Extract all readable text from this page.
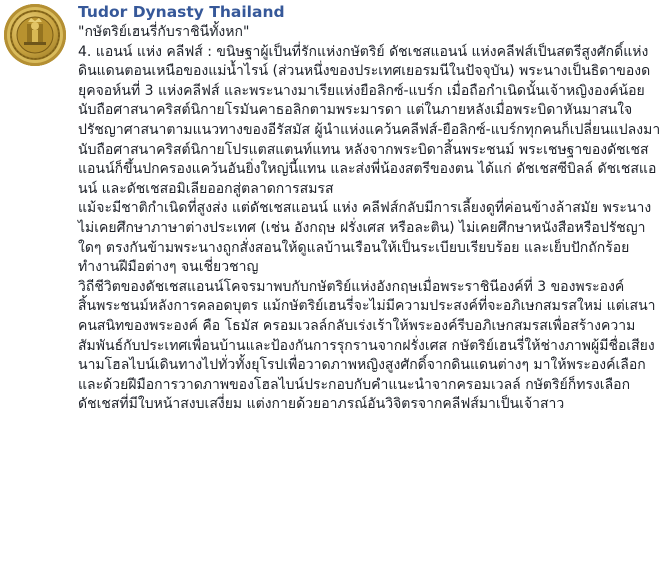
Tudor Dynasty Thailand

"กษัตริย์เฮนรี่กับราชินีทั้งหก"

4. แอนน์ แห่ง คลีฟส์ : ขนิษฐาผู้เป็นที่รักแห่งกษัตริย์ ดัชเชสแอนน์ แห่งคลีฟส์เป็นสตรีสูงศักดิ์แห่งดินแดนตอนเหนือของแม่น้ำไรน์ (ส่วนหนึ่งของประเทศเยอรมนีในปัจจุบัน) พระนางเป็นธิดาของดยุคจอห์นที่ 3 แห่งคลีฟส์ และพระนางมาเรียแห่งยือลิกซ์-แบร์ก เมื่อถือกำเนิดนั้นเจ้าหญิงองค์น้อยนับถือศาสนาคริสต์นิกายโรมันคาธอลิกตามพระมารดา แต่ในภายหลังเมื่อพระบิดาหันมาสนใจปรัชญาศาสนาตามแนวทางของอีรัสมัส ผู้นำแห่งแคว้นคลีฟส์-ยือลิกซ์-แบร์กทุกคนก็เปลี่ยนแปลงมานับถือศาสนาคริสต์นิกายโปรแตสแตนท์แทน หลังจากพระบิดาสิ้นพระชนม์ พระเชษฐาของดัชเชสแอนน์ก็ขึ้นปกครองแคว้นอันยิ่งใหญ่นี้แทน และส่งพี่น้องสตรีของตน ได้แก่ ดัชเชสซีบิลล์ ดัชเชสแอนน์ และดัชเชสอมิเลียออกสู่ตลาดการสมรส

แม้จะมีชาติกำเนิดที่สูงส่ง แต่ดัชเชสแอนน์ แห่ง คลีฟส์กลับมีการเลี้ยงดูที่ค่อนข้างล้าสมัย พระนางไม่เคยศึกษาภาษาต่างประเทศ (เช่น อังกฤษ ฝรั่งเศส หรือละติน) ไม่เคยศึกษาหนังสือหรือปรัชญาใดๆ ตรงกันข้ามพระนางถูกสั่งสอนให้ดูแลบ้านเรือนให้เป็นระเบียบเรียบร้อย และเย็บปักถักร้อย ทำงานฝีมือต่างๆ จนเชี่ยวชาญ

วิถีชีวิตของดัชเชสแอนน์โคจรมาพบกับกษัตริย์แห่งอังกฤษเมื่อพระราชินีองค์ที่ 3 ของพระองค์สิ้นพระชนม์หลังการคลอดบุตร แม้กษัตริย์เฮนรี่จะไม่มีความประสงค์ที่จะอภิเษกสมรสใหม่ แต่เสนาคนสนิทของพระองค์ คือ โธมัส ครอมเวลล์กลับเร่งเร้าให้พระองค์รีบอภิเษกสมรสเพื่อสร้างความสัมพันธ์กับประเทศเพื่อนบ้านและป้องกันการรุกรานจากฝรั่งเศส กษัตริย์เฮนรี่ให้ช่างภาพผู้มีชื่อเสียงนามโฮลไบน์เดินทางไปทั่วทั้งยุโรปเพื่อวาดภาพหญิงสูงศักดิ์จากดินแดนต่างๆ มาให้พระองค์เลือก และด้วยฝีมือการวาดภาพของโฮลไบน์ประกอบกับคำแนะนำจากครอมเวลล์ กษัตริย์ก็ทรงเลือกดัชเชสที่มีใบหน้าสงบเสงี่ยม แต่งกายด้วยอาภรณ์อันวิจิตรจากคลีฟส์มาเป็นเจ้าสาว
